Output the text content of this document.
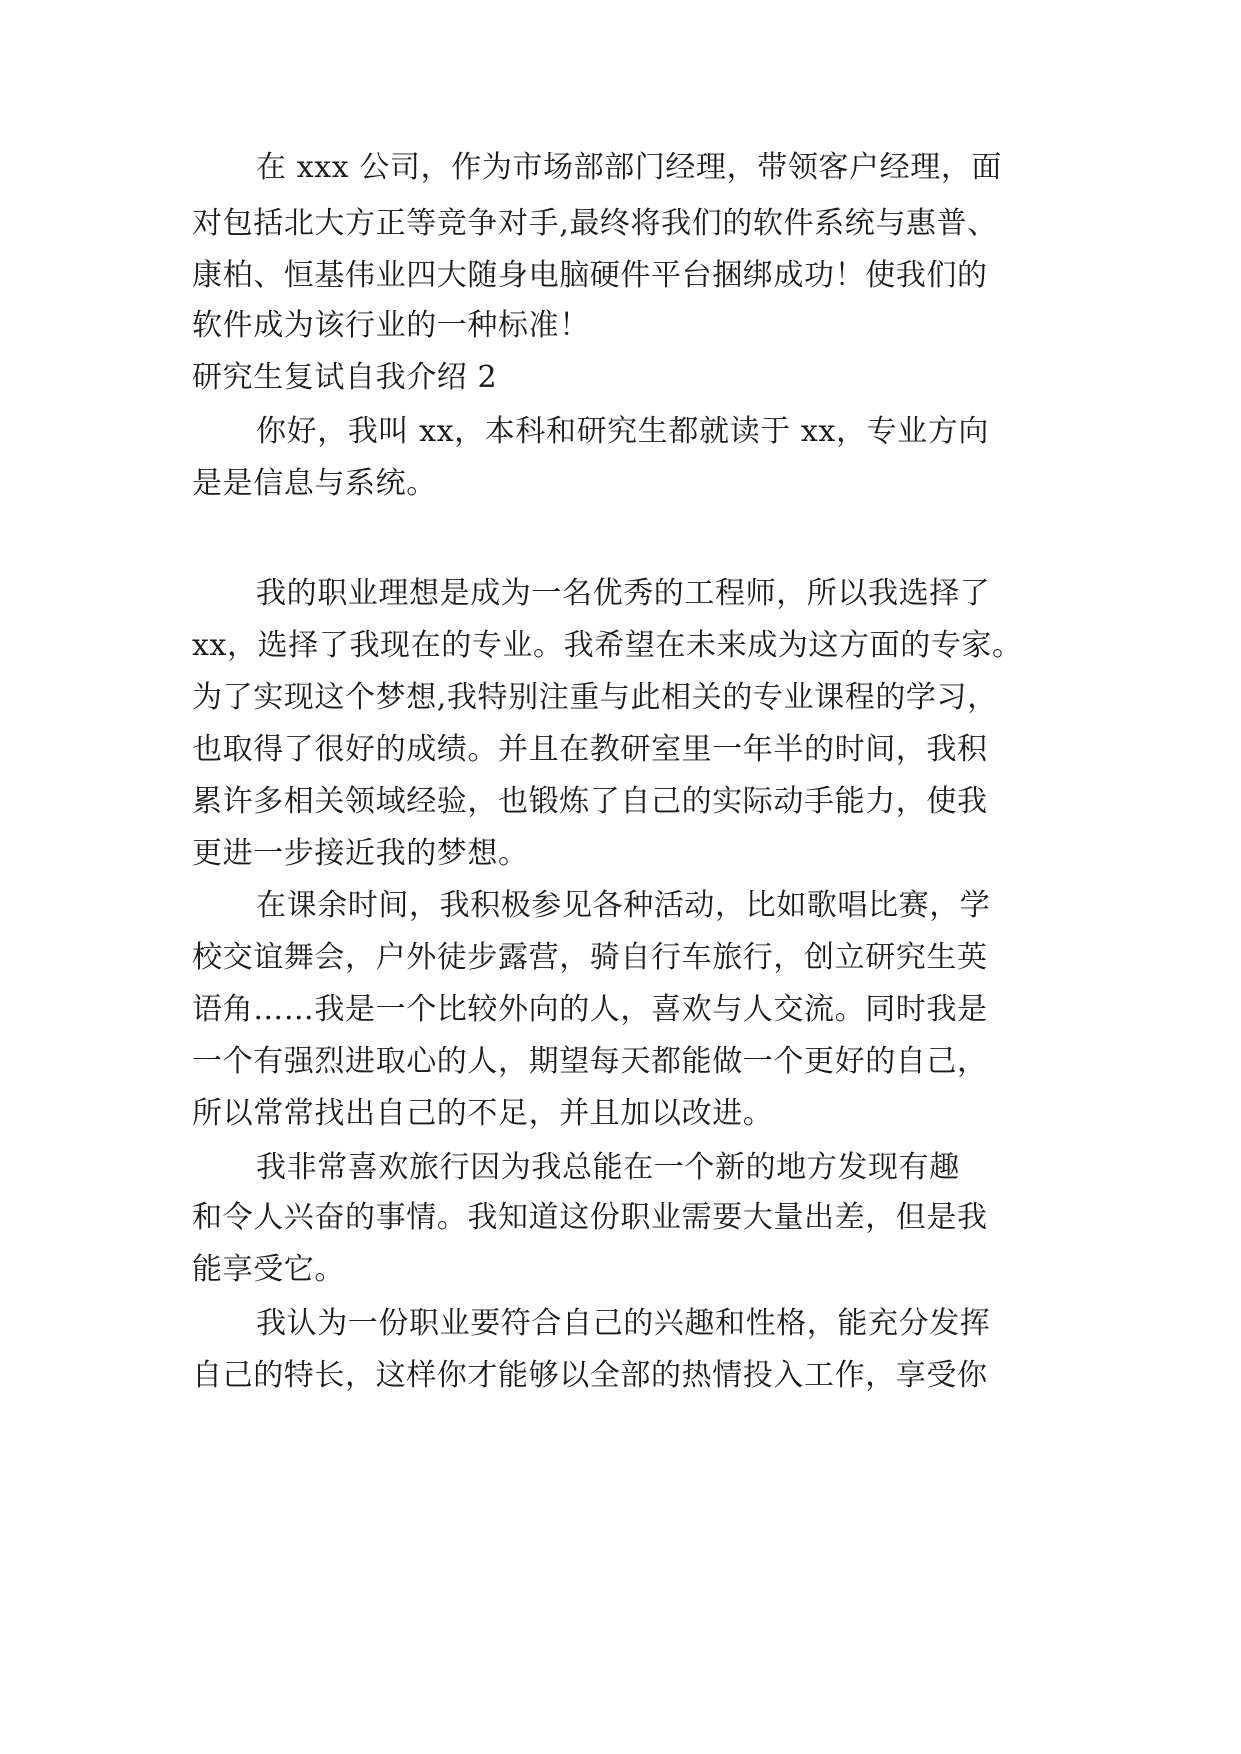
在 xxx 公司，作为市场部部门经理，带领客户经理，面
对包括北大方正等竞争对手,最终将我们的软件系统与惠普、
康柏、恒基伟业四大随身电脑硬件平台捆绑成功！使我们的
软件成为该行业的一种标准！
研究生复试自我介绍 2
你好，我叫 xx，本科和研究生都就读于 xx，专业方向
是是信息与系统。
我的职业理想是成为一名优秀的工程师，所以我选择了
xx，选择了我现在的专业。我希望在未来成为这方面的专家。
为了实现这个梦想,我特别注重与此相关的专业课程的学习，
也取得了很好的成绩。并且在教研室里一年半的时间，我积
累许多相关领域经验，也锻炼了自己的实际动手能力，使我
更进一步接近我的梦想。
在课余时间，我积极参见各种活动，比如歌唱比赛，学
校交谊舞会，户外徒步露营，骑自行车旅行，创立研究生英
语角……我是一个比较外向的人，喜欢与人交流。同时我是
一个有强烈进取心的人，期望每天都能做一个更好的自己，
所以常常找出自己的不足，并且加以改进。
我非常喜欢旅行因为我总能在一个新的地方发现有趣
和令人兴奋的事情。我知道这份职业需要大量出差，但是我
能享受它。
我认为一份职业要符合自己的兴趣和性格，能充分发挥
自己的特长，这样你才能够以全部的热情投入工作，享受你
